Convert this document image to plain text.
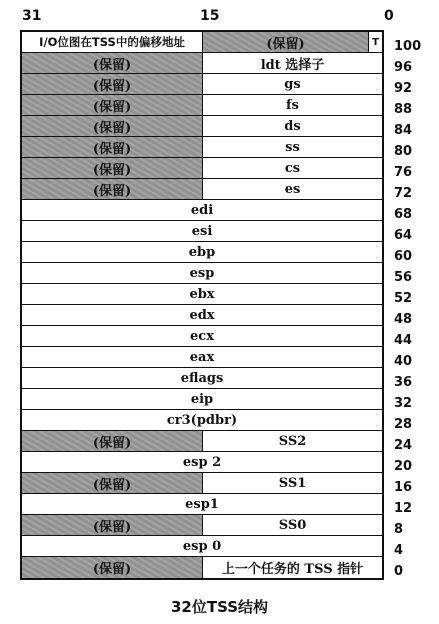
31	15	0
I/O位图在TSS中的偏移地址	(保留)	T
(保留)	ldt 选择子
(保留)	gs
(保留)	fs
(保留)	ds
(保留)	ss
(保留)	cs
(保留)	es
edi
esi
ebp
esp
ebx
edx
ecx
eax
eflags
eip
cr3(pdbr)
(保留)	SS2
esp 2
(保留)	SS1
esp1
(保留)	SS0
esp 0
(保留)	上一个任务的 TSS 指针
100
96
92
88
84
80
76
72
68
64
60
56
52
48
44
40
36
32
28
24
20
16
12
8
4
0
32位TSS结构
